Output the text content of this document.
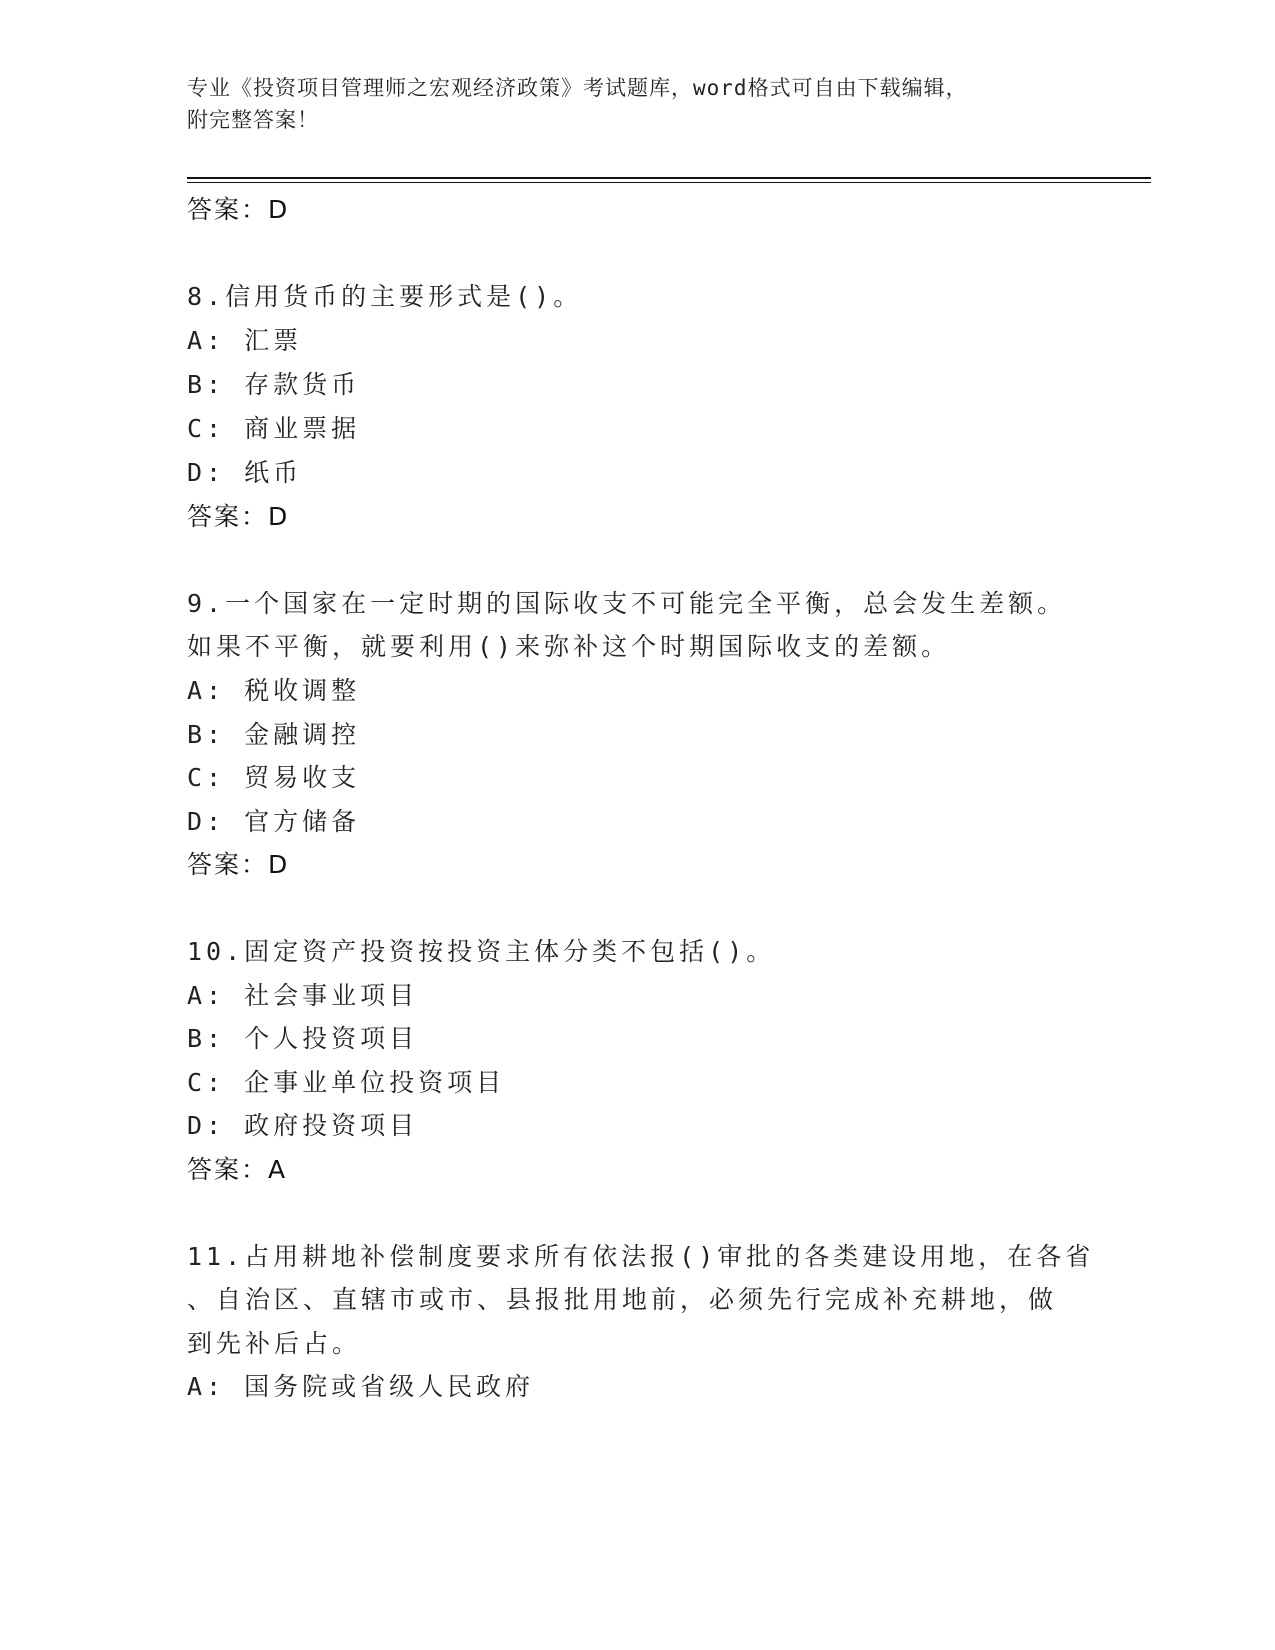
专业《投资项目管理师之宏观经济政策》考试题库，word格式可自由下载编辑，
附完整答案！
答案：D
8.信用货币的主要形式是()。
A: 汇票
B: 存款货币
C: 商业票据
D: 纸币
答案：D
9.一个国家在一定时期的国际收支不可能完全平衡，总会发生差额。
如果不平衡，就要利用()来弥补这个时期国际收支的差额。
A: 税收调整
B: 金融调控
C: 贸易收支
D: 官方储备
答案：D
10.固定资产投资按投资主体分类不包括()。
A: 社会事业项目
B: 个人投资项目
C: 企事业单位投资项目
D: 政府投资项目
答案：A
11.占用耕地补偿制度要求所有依法报()审批的各类建设用地，在各省
、自治区、直辖市或市、县报批用地前，必须先行完成补充耕地，做
到先补后占。
A: 国务院或省级人民政府
